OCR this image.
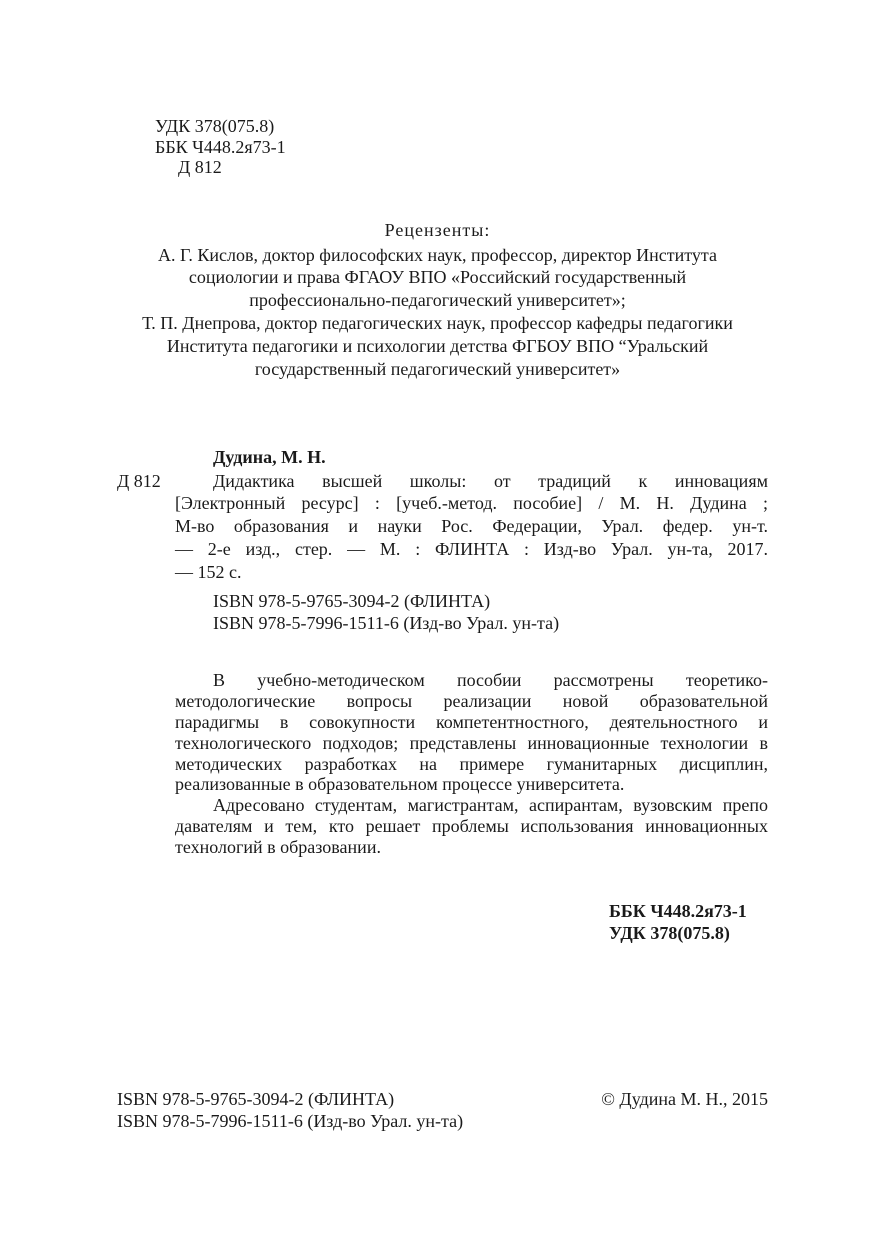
УДК 378(075.8)
ББК Ч448.2я73-1
Д 812
Рецензенты:
А. Г. Кислов, доктор философских наук, профессор, директор Института
социологии и права ФГАОУ ВПО «Российский государственный
профессионально-педагогический университет»;
Т. П. Днепрова, доктор педагогических наук, профессор кафедры педагогики
Института педагогики и психологии детства ФГБОУ ВПО “Уральский
государственный педагогический университет»
Дудина, М. Н.
Д 812	Дидактика высшей школы: от традиций к инновациям
[Электронный ресурс] : [учеб.-метод. пособие] / М. Н. Дудина ;
М-во образования и науки Рос. Федерации, Урал. федер. ун-т.
— 2-е изд., стер. — М. : ФЛИНТА : Изд-во Урал. ун-та, 2017.
— 152 с.
ISBN 978-5-9765-3094-2 (ФЛИНТА)
ISBN 978-5-7996-1511-6 (Изд-во Урал. ун-та)
В учебно-методическом пособии рассмотрены теоретико-
методологические вопросы реализации новой образовательной
парадигмы в совокупности компетентностного, деятельностного и
технологического подходов; представлены инновационные технологии в
методических разработках на примере гуманитарных дисциплин,
реализованные в образовательном процессе университета.
Адресовано студентам, магистрантам, аспирантам, вузовским препо
давателям и тем, кто решает проблемы использования инновационных
технологий в образовании.
ББК Ч448.2я73-1
УДК 378(075.8)
ISBN 978-5-9765-3094-2 (ФЛИНТА)
ISBN 978-5-7996-1511-6 (Изд-во Урал. ун-та)
© Дудина М. Н., 2015
